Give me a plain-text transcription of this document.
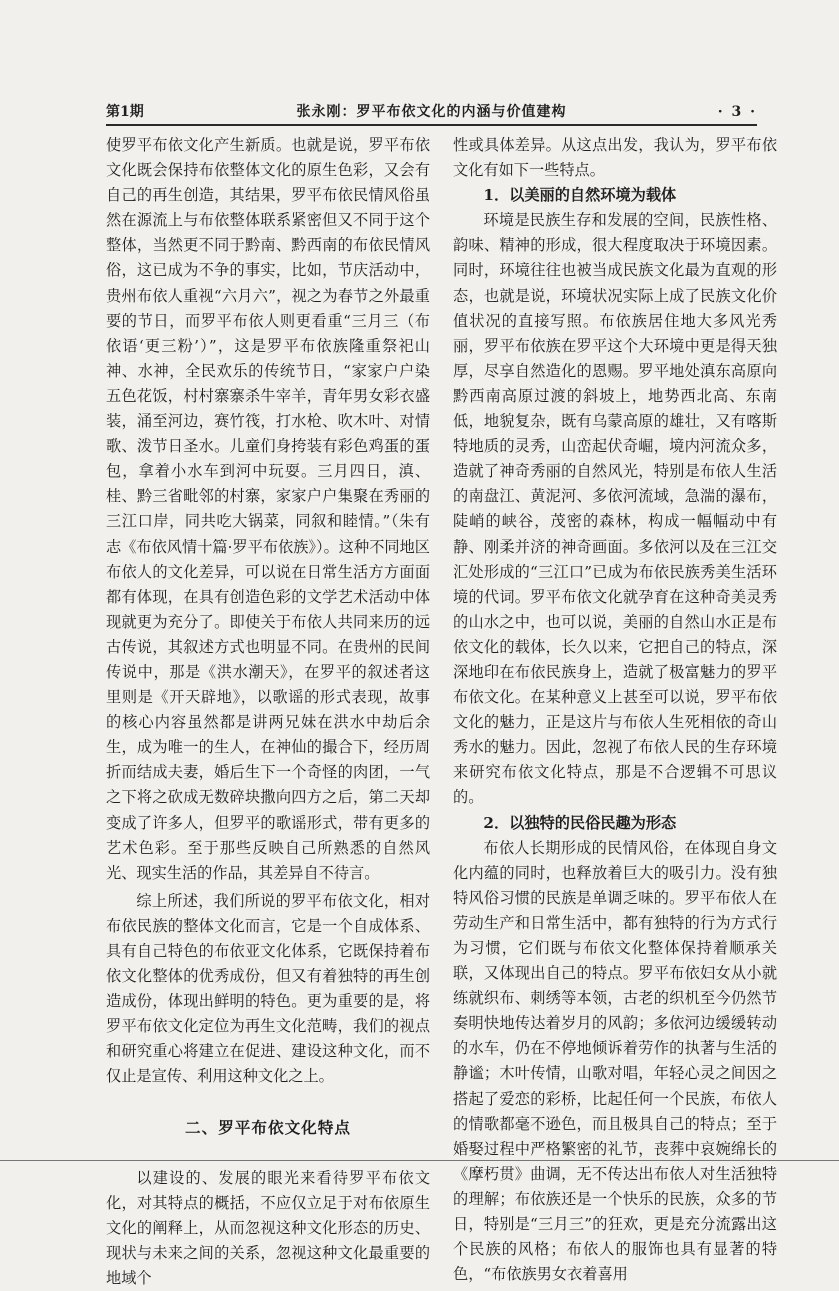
第1期	张永刚：罗平布依文化的内涵与价值建构	· 3 ·

使罗平布依文化产生新质。也就是说，罗平布依文化既会保持布依整体文化的原生色彩，又会有自己的再生创造，其结果，罗平布依民情风俗虽然在源流上与布依整体联系紧密但又不同于这个整体，当然更不同于黔南、黔西南的布依民情风俗，这已成为不争的事实，比如，节庆活动中，贵州布依人重视“六月六”，视之为春节之外最重要的节日，而罗平布依人则更看重“三月三（布依语‘更三粉’）”，这是罗平布依族隆重祭祀山神、水神，全民欢乐的传统节日，“家家户户染五色花饭，村村寨寨杀牛宰羊，青年男女彩衣盛装，涌至河边，赛竹筏，打水枪、吹木叶、对情歌、泼节日圣水。儿童们身挎装有彩色鸡蛋的蛋包，拿着小水车到河中玩耍。三月四日，滇、桂、黔三省毗邻的村寨，家家户户集聚在秀丽的三江口岸，同共吃大锅菜，同叙和睦情。”（朱有志《布依风情十篇·罗平布依族》）。这种不同地区布依人的文化差异，可以说在日常生活方方面面都有体现，在具有创造色彩的文学艺术活动中体现就更为充分了。即使关于布依人共同来历的远古传说，其叙述方式也明显不同。在贵州的民间传说中，那是《洪水潮天》，在罗平的叙述者这里则是《开天辟地》，以歌谣的形式表现，故事的核心内容虽然都是讲两兄妹在洪水中劫后余生，成为唯一的生人，在神仙的撮合下，经历周折而结成夫妻，婚后生下一个奇怪的肉团，一气之下将之砍成无数碎块撒向四方之后，第二天却变成了许多人，但罗平的歌谣形式，带有更多的艺术色彩。至于那些反映自己所熟悉的自然风光、现实生活的作品，其差异自不待言。

综上所述，我们所说的罗平布依文化，相对布依民族的整体文化而言，它是一个自成体系、具有自己特色的布依亚文化体系，它既保持着布依文化整体的优秀成份，但又有着独特的再生创造成份，体现出鲜明的特色。更为重要的是，将罗平布依文化定位为再生文化范畴，我们的视点和研究重心将建立在促进、建设这种文化，而不仅止是宣传、利用这种文化之上。

二、罗平布依文化特点

以建设的、发展的眼光来看待罗平布依文化，对其特点的概括，不应仅立足于对布依原生文化的阐释上，从而忽视这种文化形态的历史、现状与未来之间的关系，忽视这种文化最重要的地域个

性或具体差异。从这点出发，我认为，罗平布依文化有如下一些特点。

1．以美丽的自然环境为载体

环境是民族生存和发展的空间，民族性格、韵味、精神的形成，很大程度取决于环境因素。同时，环境往往也被当成民族文化最为直观的形态，也就是说，环境状况实际上成了民族文化价值状况的直接写照。布依族居住地大多风光秀丽，罗平布依族在罗平这个大环境中更是得天独厚，尽享自然造化的恩赐。罗平地处滇东高原向黔西南高原过渡的斜坡上，地势西北高、东南低，地貌复杂，既有乌蒙高原的雄壮，又有喀斯特地质的灵秀，山峦起伏奇崛，境内河流众多，造就了神奇秀丽的自然风光，特别是布依人生活的南盘江、黄泥河、多依河流域，急湍的瀑布，陡峭的峡谷，茂密的森林，构成一幅幅动中有静、刚柔并济的神奇画面。多依河以及在三江交汇处形成的“三江口”已成为布依民族秀美生活环境的代词。罗平布依文化就孕育在这种奇美灵秀的山水之中，也可以说，美丽的自然山水正是布依文化的载体，长久以来，它把自己的特点，深深地印在布依民族身上，造就了极富魅力的罗平布依文化。在某种意义上甚至可以说，罗平布依文化的魅力，正是这片与布依人生死相依的奇山秀水的魅力。因此，忽视了布依人民的生存环境来研究布依文化特点，那是不合逻辑不可思议的。

2．以独特的民俗民趣为形态

布依人长期形成的民情风俗，在体现自身文化内蕴的同时，也释放着巨大的吸引力。没有独特风俗习惯的民族是单调乏味的。罗平布依人在劳动生产和日常生活中，都有独特的行为方式行为习惯，它们既与布依文化整体保持着顺承关联，又体现出自己的特点。罗平布依妇女从小就练就织布、刺绣等本领，古老的织机至今仍然节奏明快地传达着岁月的风韵；多依河边缓缓转动的水车，仍在不停地倾诉着劳作的执著与生活的静谧；木叶传情，山歌对唱，年轻心灵之间因之搭起了爱恋的彩桥，比起任何一个民族，布依人的情歌都毫不逊色，而且极具自己的特点；至于婚娶过程中严格繁密的礼节，丧葬中哀婉绵长的《摩朽贯》曲调，无不传达出布依人对生活独特的理解；布依族还是一个快乐的民族，众多的节日，特别是“三月三”的狂欢，更是充分流露出这个民族的风格；布依人的服饰也具有显著的特色，“布依族男女衣着喜用
